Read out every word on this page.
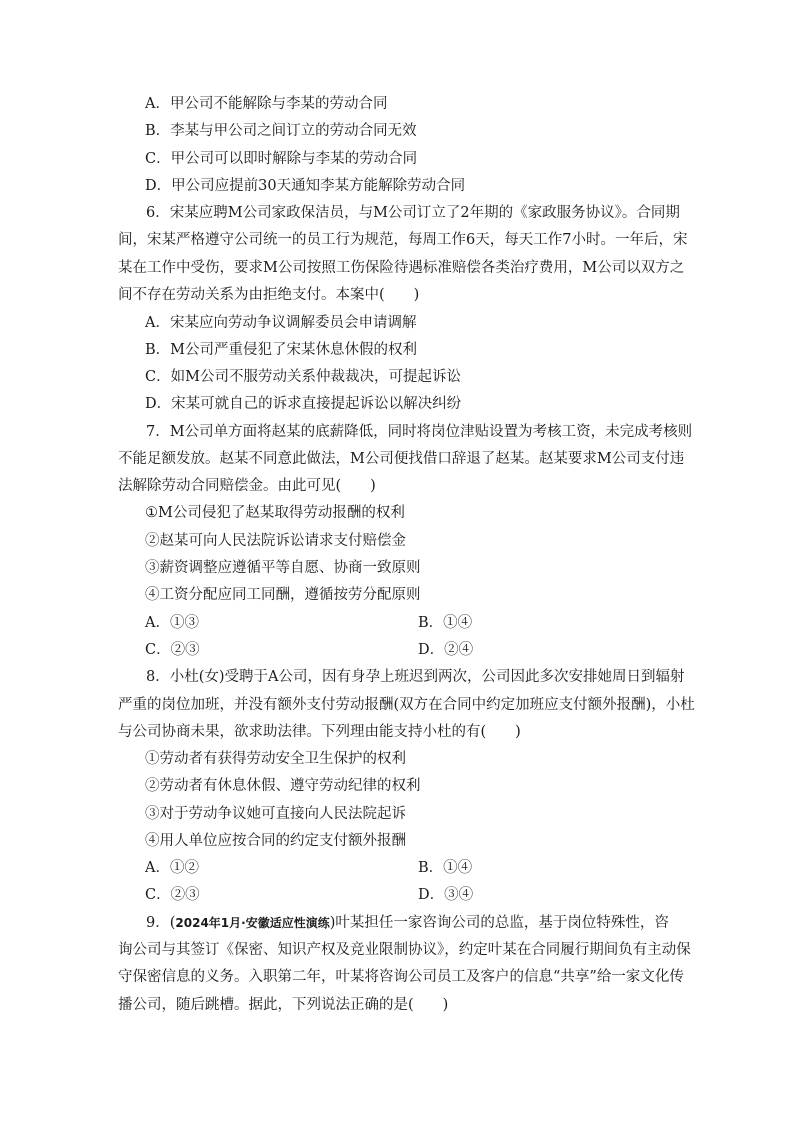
A．甲公司不能解除与李某的劳动合同
B．李某与甲公司之间订立的劳动合同无效
C．甲公司可以即时解除与李某的劳动合同
D．甲公司应提前30天通知李某方能解除劳动合同
6．宋某应聘M公司家政保洁员，与M公司订立了2年期的《家政服务协议》。合同期
间，宋某严格遵守公司统一的员工行为规范，每周工作6天，每天工作7小时。一年后，宋
某在工作中受伤，要求M公司按照工伤保险待遇标准赔偿各类治疗费用，M公司以双方之
间不存在劳动关系为由拒绝支付。本案中(　　)
A．宋某应向劳动争议调解委员会申请调解
B．M公司严重侵犯了宋某休息休假的权利
C．如M公司不服劳动关系仲裁裁决，可提起诉讼
D．宋某可就自己的诉求直接提起诉讼以解决纠纷
7．M公司单方面将赵某的底薪降低，同时将岗位津贴设置为考核工资，未完成考核则
不能足额发放。赵某不同意此做法，M公司便找借口辞退了赵某。赵某要求M公司支付违
法解除劳动合同赔偿金。由此可见(　　)
①M公司侵犯了赵某取得劳动报酬的权利
②赵某可向人民法院诉讼请求支付赔偿金
③薪资调整应遵循平等自愿、协商一致原则
④工资分配应同工同酬，遵循按劳分配原则
A．①③	B．①④
C．②③	D．②④
8．小杜(女)受聘于A公司，因有身孕上班迟到两次，公司因此多次安排她周日到辐射
严重的岗位加班，并没有额外支付劳动报酬(双方在合同中约定加班应支付额外报酬)，小杜
与公司协商未果，欲求助法律。下列理由能支持小杜的有(　　)
①劳动者有获得劳动安全卫生保护的权利
②劳动者有休息休假、遵守劳动纪律的权利
③对于劳动争议她可直接向人民法院起诉
④用人单位应按合同的约定支付额外报酬
A．①②	B．①④
C．②③	D．③④
9．(2024年1月·安徽适应性演练)叶某担任一家咨询公司的总监，基于岗位特殊性，咨
询公司与其签订《保密、知识产权及竞业限制协议》，约定叶某在合同履行期间负有主动保
守保密信息的义务。入职第二年，叶某将咨询公司员工及客户的信息“共享”给一家文化传
播公司，随后跳槽。据此，下列说法正确的是(　　)
